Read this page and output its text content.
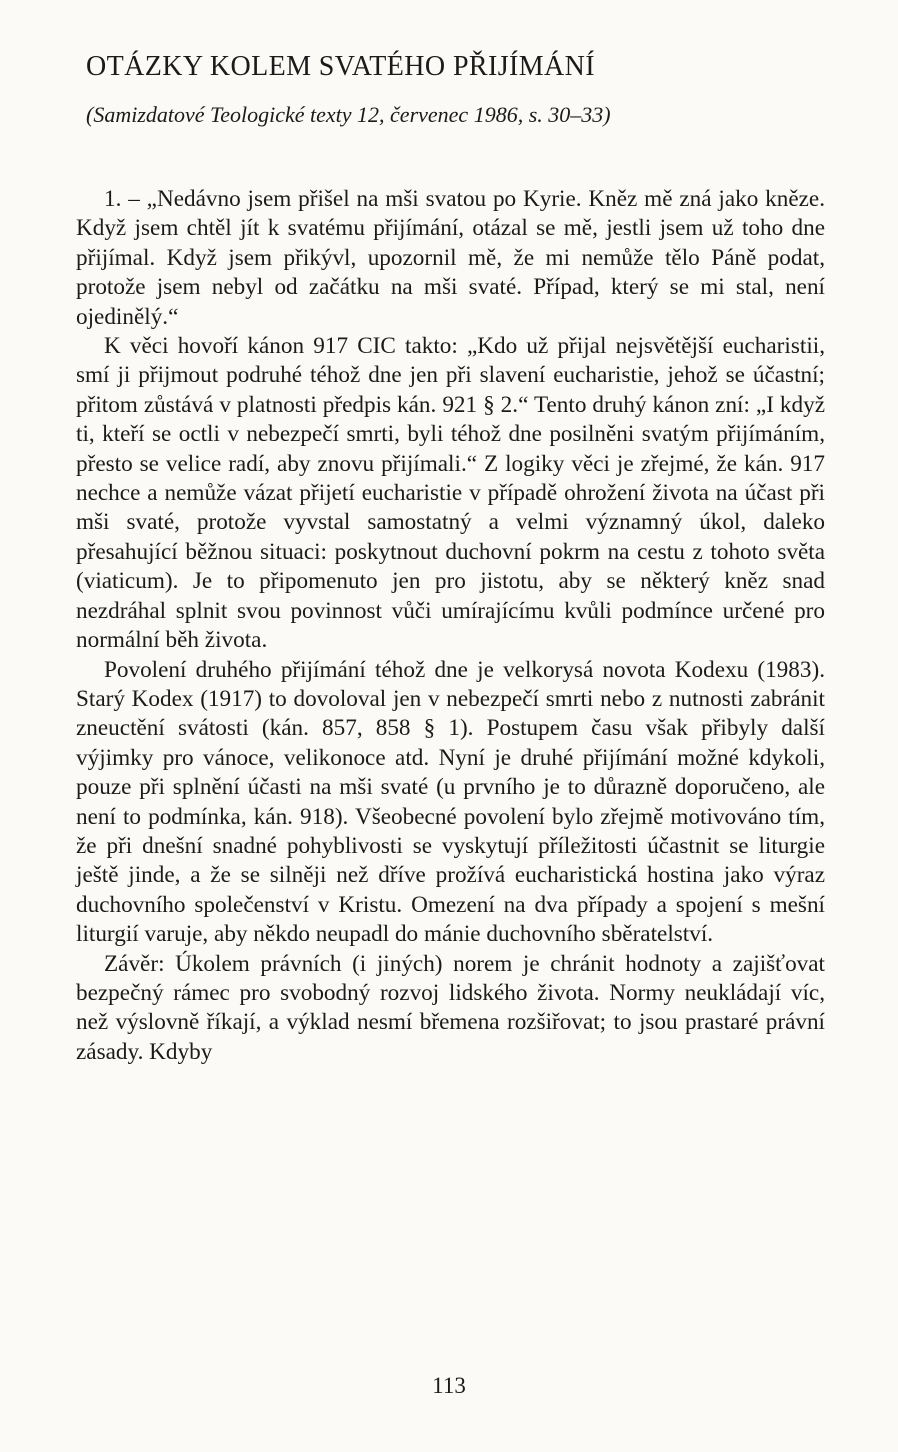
OTÁZKY KOLEM SVATÉHO PŘIJÍMÁNÍ

(Samizdatové Teologické texty 12, červenec 1986, s. 30–33)

1. – „Nedávno jsem přišel na mši svatou po Kyrie. Kněz mě zná jako kněze. Když jsem chtěl jít k svatému přijímání, otázal se mě, jestli jsem už toho dne přijímal. Když jsem přikývl, upozornil mě, že mi nemůže tělo Páně podat, protože jsem nebyl od začátku na mši svaté. Případ, který se mi stal, není ojedinělý.“

K věci hovoří kánon 917 CIC takto: „Kdo už přijal nejsvětější eucharistii, smí ji přijmout podruhé téhož dne jen při slavení eucharistie, jehož se účastní; přitom zůstává v platnosti předpis kán. 921 § 2.“ Tento druhý kánon zní: „I když ti, kteří se octli v nebezpečí smrti, byli téhož dne posilněni svatým přijímáním, přesto se velice radí, aby znovu přijímali.“ Z logiky věci je zřejmé, že kán. 917 nechce a nemůže vázat přijetí eucharistie v případě ohrožení života na účast při mši svaté, protože vyvstal samostatný a velmi významný úkol, daleko přesahující běžnou situaci: poskytnout duchovní pokrm na cestu z tohoto světa (viaticum). Je to připomenuto jen pro jistotu, aby se některý kněz snad nezdráhal splnit svou povinnost vůči umírajícímu kvůli podmínce určené pro normální běh života.

Povolení druhého přijímání téhož dne je velkorysá novota Kodexu (1983). Starý Kodex (1917) to dovoloval jen v nebezpečí smrti nebo z nutnosti zabránit zneuctění svátosti (kán. 857, 858 § 1). Postupem času však přibyly další výjimky pro vánoce, velikonoce atd. Nyní je druhé přijímání možné kdykoli, pouze při splnění účasti na mši svaté (u prvního je to důrazně doporučeno, ale není to podmínka, kán. 918). Všeobecné povolení bylo zřejmě motivováno tím, že při dnešní snadné pohyblivosti se vyskytují příležitosti účastnit se liturgie ještě jinde, a že se silněji než dříve prožívá eucharistická hostina jako výraz duchovního společenství v Kristu. Omezení na dva případy a spojení s mešní liturgií varuje, aby někdo neupadl do mánie duchovního sběratelství.

Závěr: Úkolem právních (i jiných) norem je chránit hodnoty a zajišťovat bezpečný rámec pro svobodný rozvoj lidského života. Normy neukládají víc, než výslovně říkají, a výklad nesmí břemena rozšiřovat; to jsou prastaré právní zásady. Kdyby

113
